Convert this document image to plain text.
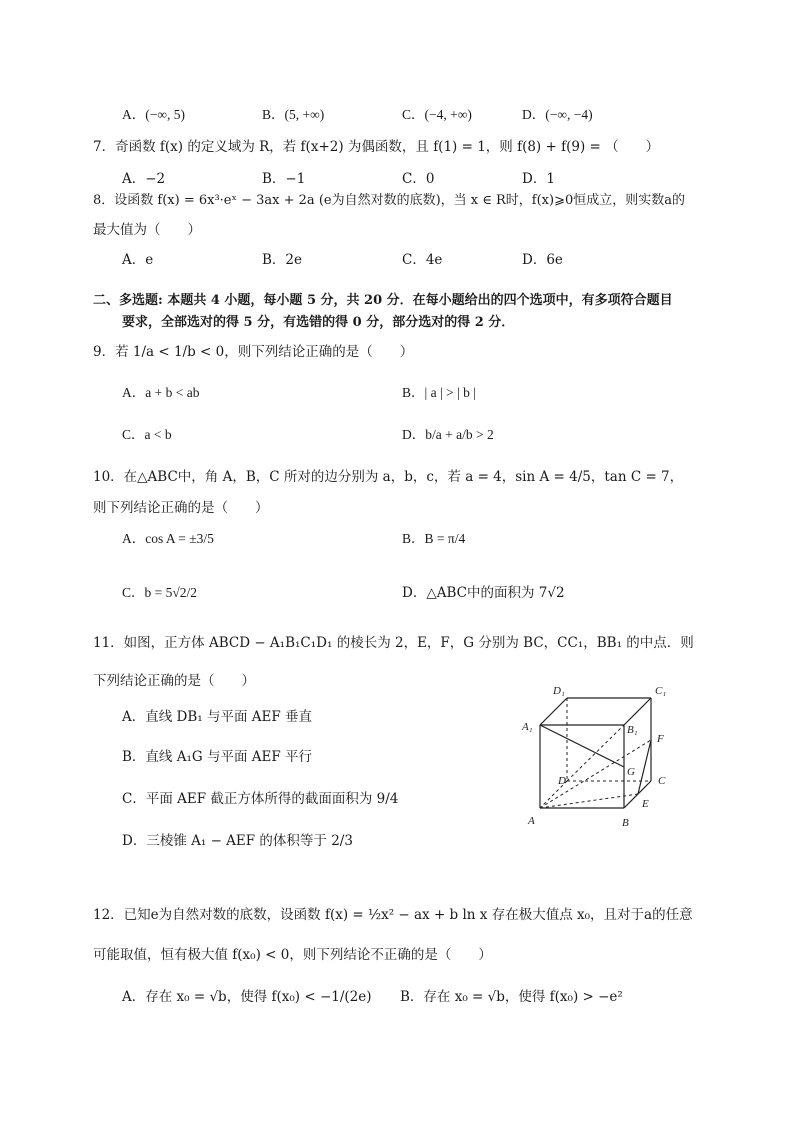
A．(−∞, 5)	B．(5, +∞)	C．(−4, +∞)	D．(−∞, −4)
7．奇函数 f(x) 的定义域为 R，若 f(x+2) 为偶函数，且 f(1) = 1，则 f(8) + f(9) = （　　）
A．−2	B．−1	C．0	D．1
8．设函数 f(x) = 6x³·eˣ − 3ax + 2a (e为自然对数的底数)，当 x ∈ R时，f(x)⩾0恒成立，则实数a的
最大值为（　　）
A．e	B．2e	C．4e	D．6e
二、多选题: 本题共 4 小题，每小题 5 分，共 20 分．在每小题给出的四个选项中，有多项符合题目
要求，全部选对的得 5 分，有选错的得 0 分，部分选对的得 2 分．
9．若 1/a < 1/b < 0，则下列结论正确的是（　　）
A．a + b < ab	B．| a | > | b |
C．a < b	D．b/a + a/b > 2
10．在△ABC中，角 A，B，C 所对的边分别为 a，b，c，若 a = 4，sin A = 4/5，tan C = 7，
则下列结论正确的是（　　）
A．cos A = ±3/5	B．B = π/4
C．b = 5√2/2	D．△ABC中的面积为 7√2
11．如图，正方体 ABCD − A₁B₁C₁D₁ 的棱长为 2，E，F，G 分别为 BC，CC₁，BB₁ 的中点．则
下列结论正确的是（　　）
A．直线 DB₁ 与平面 AEF 垂直
B．直线 A₁G 与平面 AEF 平行
C．平面 AEF 截正方体所得的截面面积为 9/4
D．三棱锥 A₁ − AEF 的体积等于 2/3
D₁	C₁
A₁	B₁
F
G
D	C
E
A	B
12．已知e为自然对数的底数，设函数 f(x) = ½x² − ax + b ln x 存在极大值点 x₀，且对于a的任意
可能取值，恒有极大值 f(x₀) < 0，则下列结论不正确的是（　　）
A．存在 x₀ = √b，使得 f(x₀) < −1/(2e) B．存在 x₀ = √b，使得 f(x₀) > −e²
